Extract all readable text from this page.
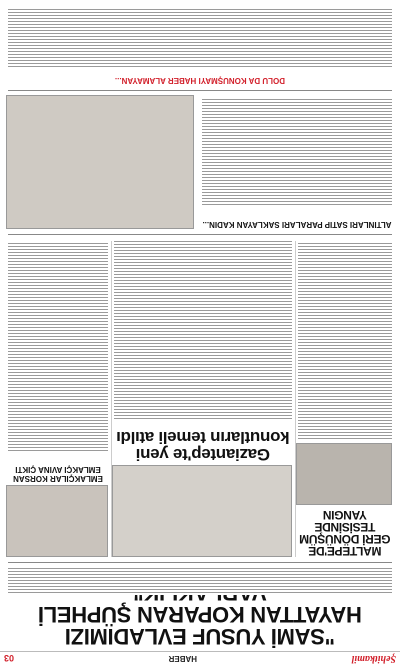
Şehitkamil
HABER
03
"SAMİ YUSUF EVLADIMIZI HAYATTAN KOPARAN ŞÜPHELİ
EMLAKÇILAR KORSAN EMLAKÇI AVINA ÇIKTI
Gaziantep'te yeni konutların temeli atıldı
MALTEPE'DE GERİ DÖNÜŞÜM TESİSİNDE YANGIN
ALTINLARI SATIP PARALARI SAKLAYAN KADIN...
DOLU DA KONUŞMAYI HABER ALAMAYAN...
